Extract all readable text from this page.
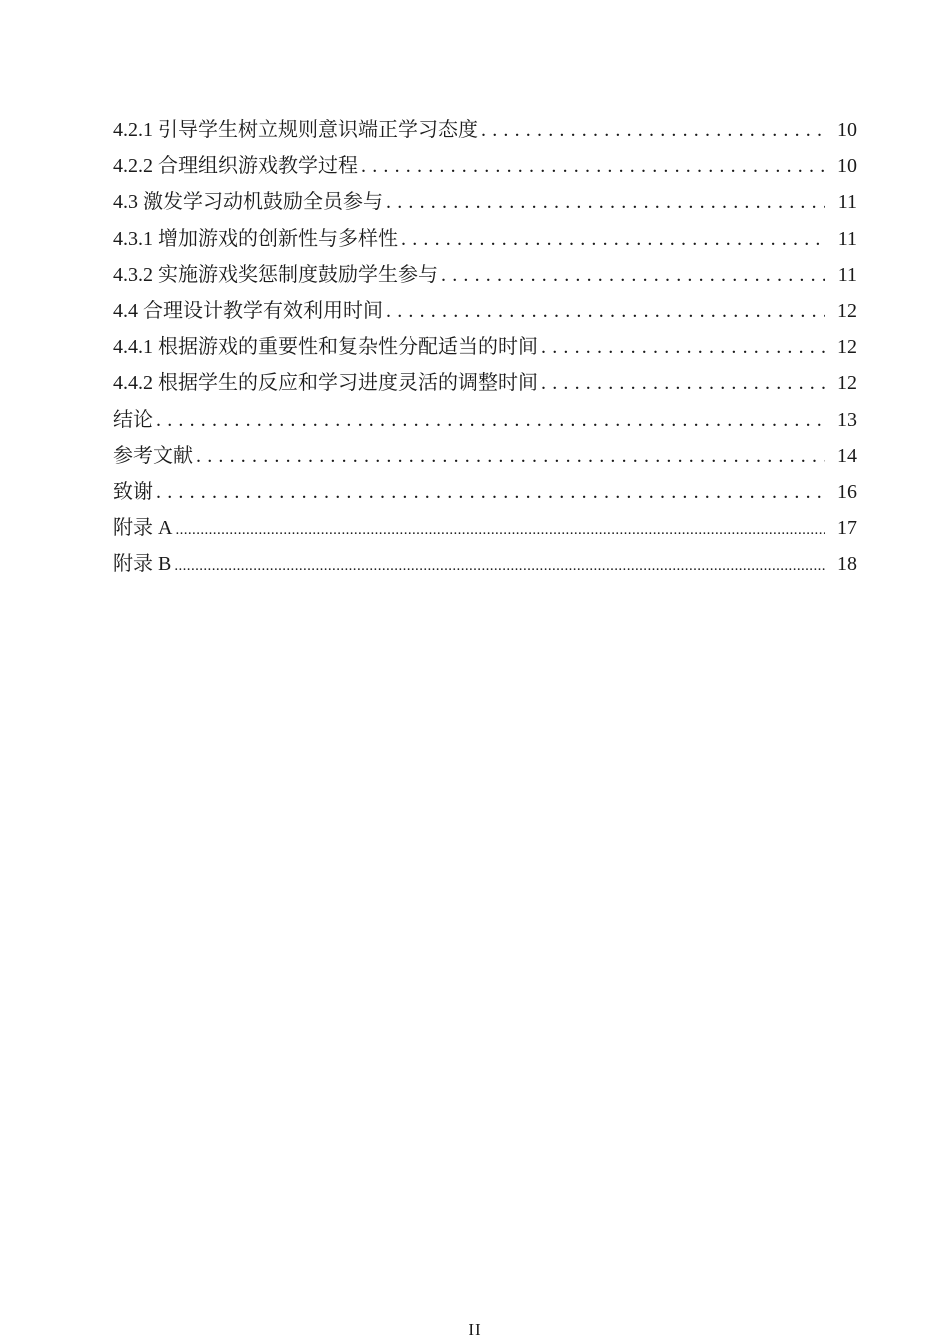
4.2.1 引导学生树立规则意识端正学习态度 . . .	10
4.2.2 合理组织游戏教学过程 . . .	10
4.3 激发学习动机鼓励全员参与 . . .	11
4.3.1 增加游戏的创新性与多样性 . . .	11
4.3.2 实施游戏奖惩制度鼓励学生参与 . . .	11
4.4 合理设计教学有效利用时间 . . .	12
4.4.1 根据游戏的重要性和复杂性分配适当的时间 . . .	12
4.4.2 根据学生的反应和学习进度灵活的调整时间 . . .	12
结论 . . .	13
参考文献 . . .	14
致谢 . . .	16
附录 A .....	17
附录 B .....	18
II
